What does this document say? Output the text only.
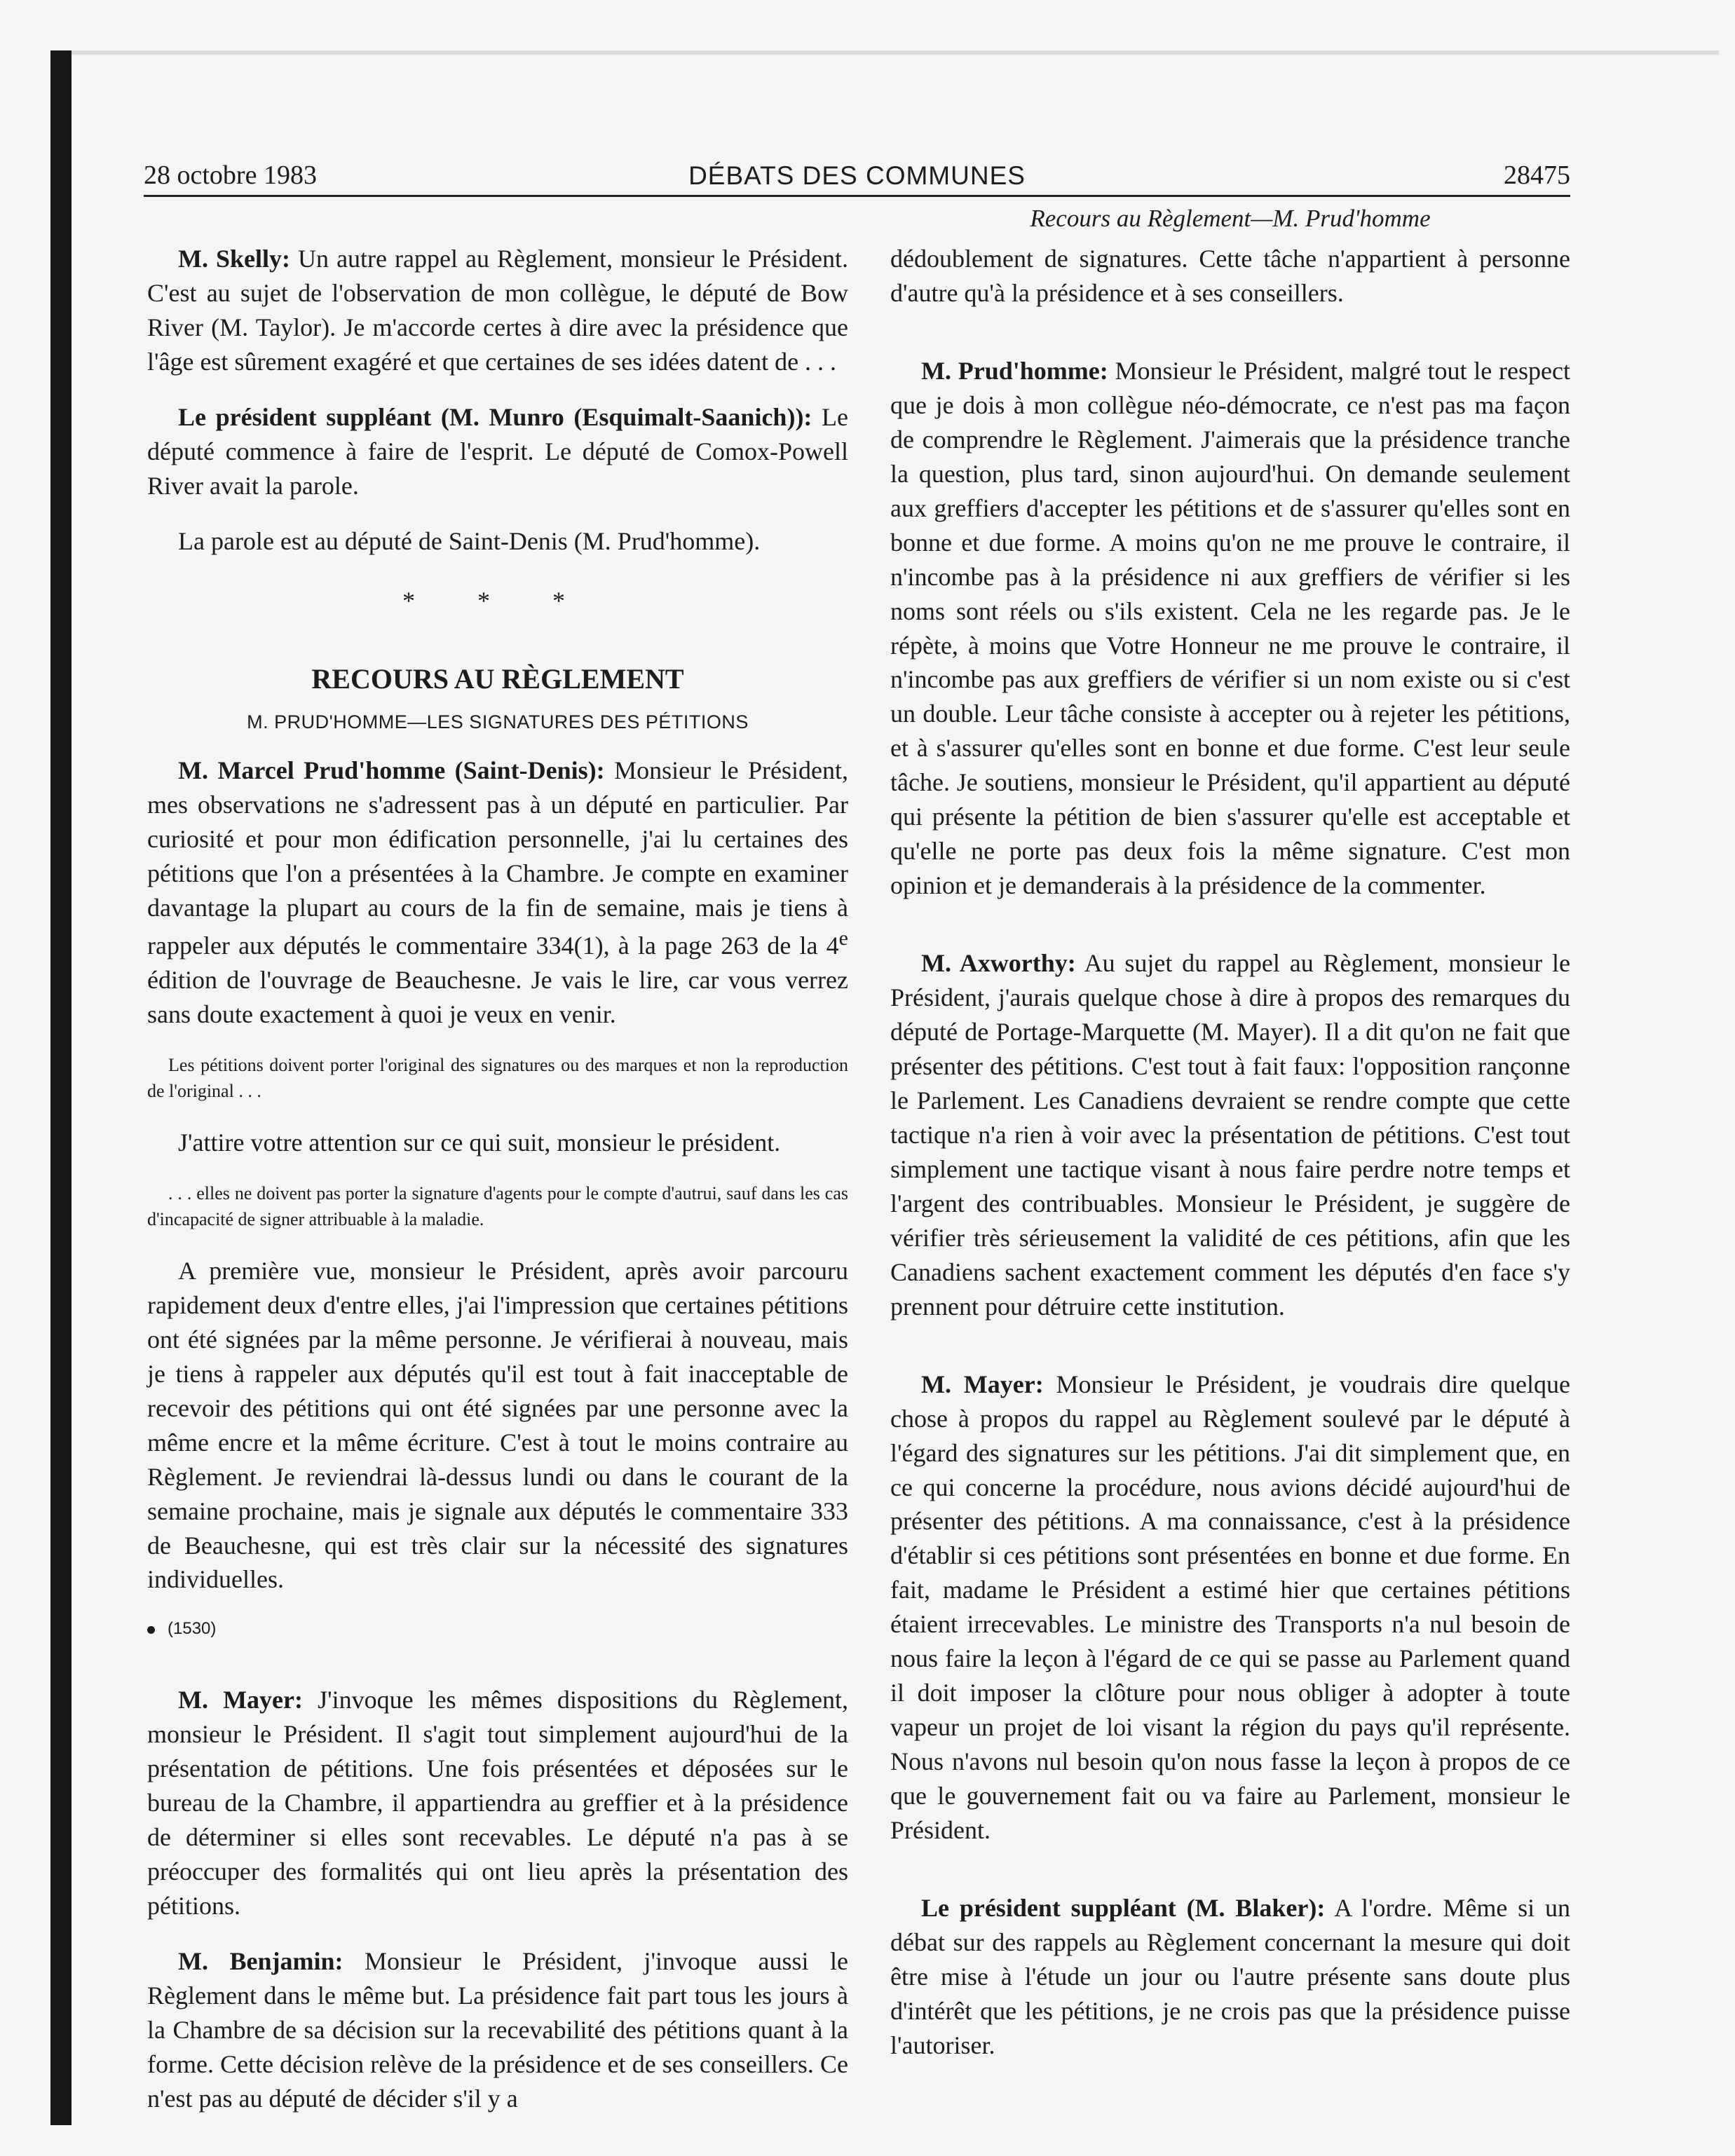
28 octobre 1983	DÉBATS DES COMMUNES	28475
Recours au Règlement—M. Prud'homme

M. Skelly: Un autre rappel au Règlement, monsieur le Président. C'est au sujet de l'observation de mon collègue, le député de Bow River (M. Taylor). Je m'accorde certes à dire avec la présidence que l'âge est sûrement exagéré et que certaines de ses idées datent de . . .

Le président suppléant (M. Munro (Esquimalt-Saanich)): Le député commence à faire de l'esprit. Le député de Comox-Powell River avait la parole.

La parole est au député de Saint-Denis (M. Prud'homme).

* * *
RECOURS AU RÈGLEMENT
M. PRUD'HOMME—LES SIGNATURES DES PÉTITIONS

M. Marcel Prud'homme (Saint-Denis): Monsieur le Président, mes observations ne s'adressent pas à un député en particulier. Par curiosité et pour mon édification personnelle, j'ai lu certaines des pétitions que l'on a présentées à la Chambre. Je compte en examiner davantage la plupart au cours de la fin de semaine, mais je tiens à rappeler aux députés le commentaire 334(1), à la page 263 de la 4e édition de l'ouvrage de Beauchesne. Je vais le lire, car vous verrez sans doute exactement à quoi je veux en venir.

Les pétitions doivent porter l'original des signatures ou des marques et non la reproduction de l'original . . .

J'attire votre attention sur ce qui suit, monsieur le président.

. . . elles ne doivent pas porter la signature d'agents pour le compte d'autrui, sauf dans les cas d'incapacité de signer attribuable à la maladie.

A première vue, monsieur le Président, après avoir parcouru rapidement deux d'entre elles, j'ai l'impression que certaines pétitions ont été signées par la même personne. Je vérifierai à nouveau, mais je tiens à rappeler aux députés qu'il est tout à fait inacceptable de recevoir des pétitions qui ont été signées par une personne avec la même encre et la même écriture. C'est à tout le moins contraire au Règlement. Je reviendrai là-dessus lundi ou dans le courant de la semaine prochaine, mais je signale aux députés le commentaire 333 de Beauchesne, qui est très clair sur la nécessité des signatures individuelles.

(1530)

M. Mayer: J'invoque les mêmes dispositions du Règlement, monsieur le Président. Il s'agit tout simplement aujourd'hui de la présentation de pétitions. Une fois présentées et déposées sur le bureau de la Chambre, il appartiendra au greffier et à la présidence de déterminer si elles sont recevables. Le député n'a pas à se préoccuper des formalités qui ont lieu après la présentation des pétitions.

M. Benjamin: Monsieur le Président, j'invoque aussi le Règlement dans le même but. La présidence fait part tous les jours à la Chambre de sa décision sur la recevabilité des pétitions quant à la forme. Cette décision relève de la présidence et de ses conseillers. Ce n'est pas au député de décider s'il y a

dédoublement de signatures. Cette tâche n'appartient à personne d'autre qu'à la présidence et à ses conseillers.

M. Prud'homme: Monsieur le Président, malgré tout le respect que je dois à mon collègue néo-démocrate, ce n'est pas ma façon de comprendre le Règlement. J'aimerais que la présidence tranche la question, plus tard, sinon aujourd'hui. On demande seulement aux greffiers d'accepter les pétitions et de s'assurer qu'elles sont en bonne et due forme. A moins qu'on ne me prouve le contraire, il n'incombe pas à la présidence ni aux greffiers de vérifier si les noms sont réels ou s'ils existent. Cela ne les regarde pas. Je le répète, à moins que Votre Honneur ne me prouve le contraire, il n'incombe pas aux greffiers de vérifier si un nom existe ou si c'est un double. Leur tâche consiste à accepter ou à rejeter les pétitions, et à s'assurer qu'elles sont en bonne et due forme. C'est leur seule tâche. Je soutiens, monsieur le Président, qu'il appartient au député qui présente la pétition de bien s'assurer qu'elle est acceptable et qu'elle ne porte pas deux fois la même signature. C'est mon opinion et je demanderais à la présidence de la commenter.

M. Axworthy: Au sujet du rappel au Règlement, monsieur le Président, j'aurais quelque chose à dire à propos des remarques du député de Portage-Marquette (M. Mayer). Il a dit qu'on ne fait que présenter des pétitions. C'est tout à fait faux: l'opposition rançonne le Parlement. Les Canadiens devraient se rendre compte que cette tactique n'a rien à voir avec la présentation de pétitions. C'est tout simplement une tactique visant à nous faire perdre notre temps et l'argent des contribuables. Monsieur le Président, je suggère de vérifier très sérieusement la validité de ces pétitions, afin que les Canadiens sachent exactement comment les députés d'en face s'y prennent pour détruire cette institution.

M. Mayer: Monsieur le Président, je voudrais dire quelque chose à propos du rappel au Règlement soulevé par le député à l'égard des signatures sur les pétitions. J'ai dit simplement que, en ce qui concerne la procédure, nous avions décidé aujourd'hui de présenter des pétitions. A ma connaissance, c'est à la présidence d'établir si ces pétitions sont présentées en bonne et due forme. En fait, madame le Président a estimé hier que certaines pétitions étaient irrecevables. Le ministre des Transports n'a nul besoin de nous faire la leçon à l'égard de ce qui se passe au Parlement quand il doit imposer la clôture pour nous obliger à adopter à toute vapeur un projet de loi visant la région du pays qu'il représente. Nous n'avons nul besoin qu'on nous fasse la leçon à propos de ce que le gouvernement fait ou va faire au Parlement, monsieur le Président.

Le président suppléant (M. Blaker): A l'ordre. Même si un débat sur des rappels au Règlement concernant la mesure qui doit être mise à l'étude un jour ou l'autre présente sans doute plus d'intérêt que les pétitions, je ne crois pas que la présidence puisse l'autoriser.
